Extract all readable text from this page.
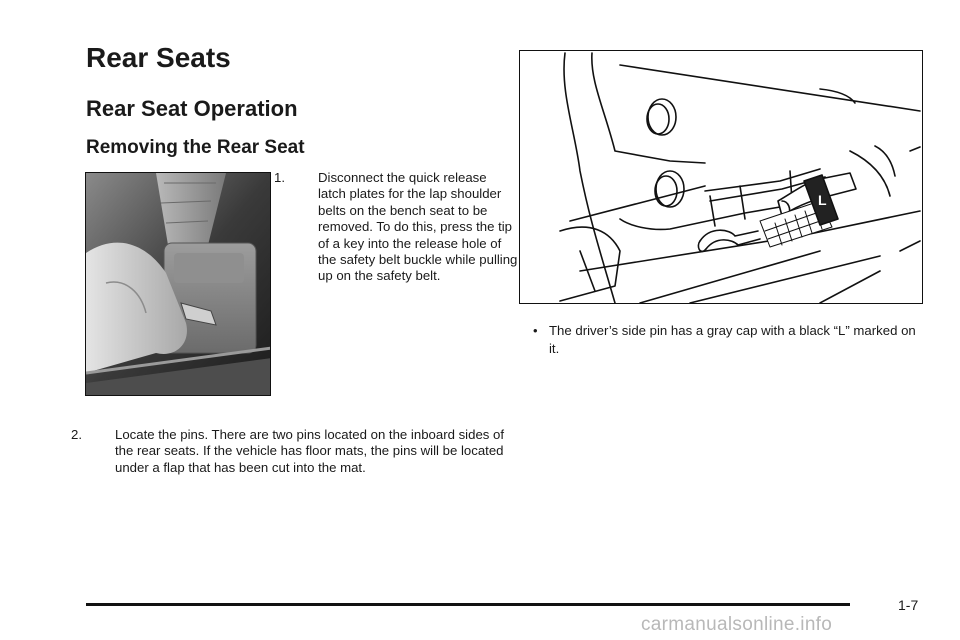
Rear Seats
Rear Seat Operation
Removing the Rear Seat

1.	Disconnect the quick release latch plates for the lap shoulder belts on the bench seat to be removed. To do this, press the tip of a key into the release hole of the safety belt buckle while pulling up on the safety belt.

2.	Locate the pins. There are two pins located on the inboard sides of the rear seats. If the vehicle has floor mats, the pins will be located under a flap that has been cut into the mat.

L
• The driver’s side pin has a gray cap with a black “L” marked on it.
1-7
carmanualsonline.info
